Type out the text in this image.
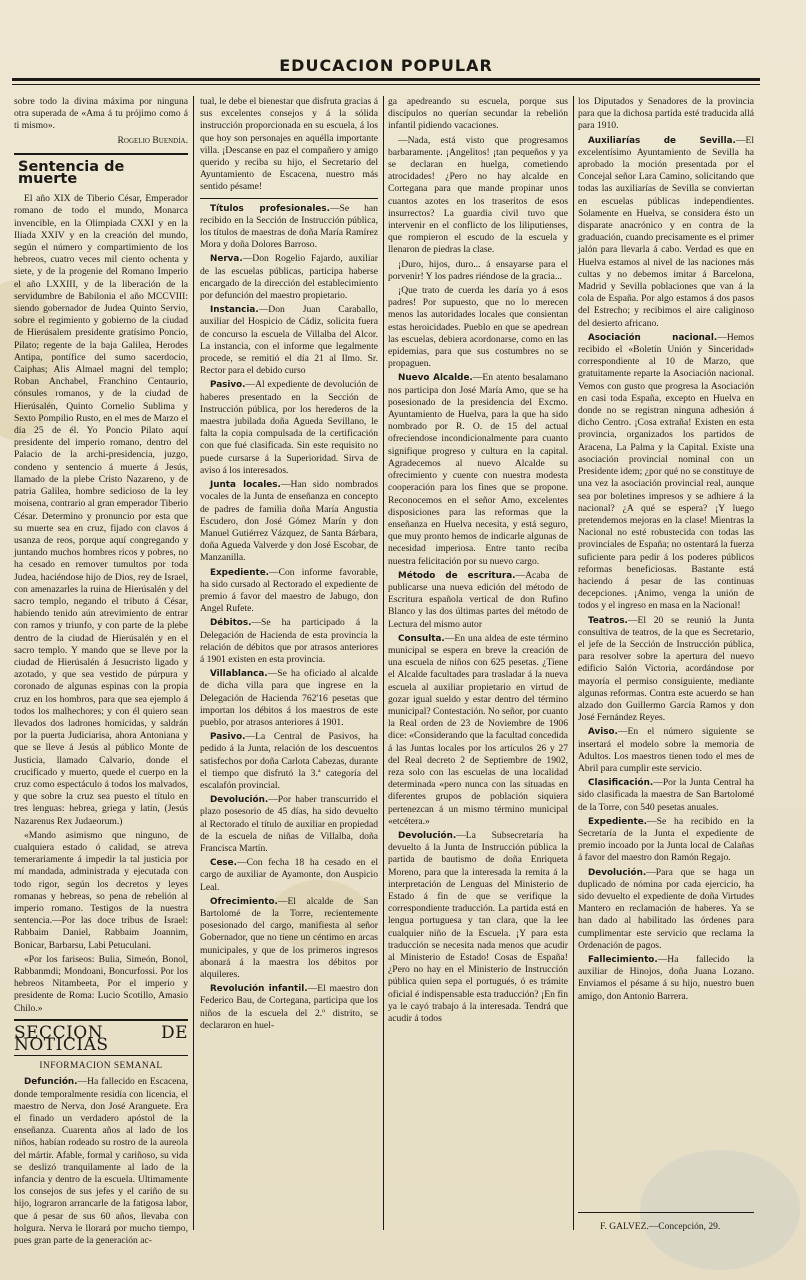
EDUCACION POPULAR

sobre todo la divina máxima por ninguna otra superada de «Ama á tu prójimo como á ti mismo».

Rogelio Buendía.
Sentencia de muerte

El año XIX de Tiberio César, Emperador romano de todo el mundo, Monarca invencible, en la Olimpiada CXXI y en la Iliada XXIV y en la creación del mundo, según el número y compartimiento de los hebreos, cuatro veces mil ciento ochenta y siete, y de la progenie del Romano Imperio el año LXXIII, y de la liberación de la servidumbre de Babilonia el año MCCVIII: siendo gobernador de Judea Quinto Servio, sobre el regimiento y gobierno de la ciudad de Hierúsalem presidente gratísimo Poncio, Pilato; regente de la baja Galilea, Herodes Antipa, pontífice del sumo sacerdocio, Caiphas; Alis Almael magni del templo; Roban Anchabel, Franchino Centaurio, cónsules romanos, y de la ciudad de Hierúsalén, Quinto Cornelio Sublima y Sexto Pompilio Rusto, en el mes de Marzo el día 25 de él. Yo Poncio Pilato aquí presidente del imperio romano, dentro del Palacio de la archi-presidencia, juzgo, condeno y sentencio á muerte á Jesús, llamado de la plebe Cristo Nazareno, y de patria Galilea, hombre sedicioso de la ley moisena, contrario al gran emperador Tiberio César. Determino y pronuncio por esta que su muerte sea en cruz, fijado con clavos á usanza de reos, porque aquí congregando y juntando muchos hombres ricos y pobres, no ha cesado en remover tumultos por toda Judea, haciéndose hijo de Dios, rey de Israel, con amenazarles la ruina de Hierúsalén y del sacro templo, negando el tributo á César, habiendo tenido aún atrevimiento de entrar con ramos y triunfo, y con parte de la plebe dentro de la ciudad de Hierúsalén y en el sacro templo. Y mando que se lleve por la ciudad de Hierúsalén á Jesucristo ligado y azotado, y que sea vestido de púrpura y coronado de algunas espinas con la propia cruz en los hombros, para que sea ejemplo á todos los malhechores; y con él quiero sean llevados dos ladrones homicidas, y saldrán por la puerta Judiciarisa, ahora Antoniana y que se lleve á Jesús al público Monte de Justicia, llamado Calvario, donde el crucificado y muerto, quede el cuerpo en la cruz como espectáculo á todos los malvados, y que sobre la cruz sea puesto el título en tres lenguas: hebrea, griega y latín, (Jesús Nazarenus Rex Judaeorum.)

«Mando asimismo que ninguno, de cualquiera estado ó calidad, se atreva temerariamente á impedir la tal justicia por mí mandada, administrada y ejecutada con todo rigor, según los decretos y leyes romanas y hebreas, so pena de rebelión al imperio romano. Testigos de la nuestra sentencia.—Por las doce tribus de Israel: Rabbaim Daniel, Rabbaim Joannim, Bonicar, Barbarsu, Labi Petuculani.

«Por los fariseos: Bulia, Simeón, Bonol, Rabbanmdi; Mondoani, Boncurfossi. Por los hebreos Nitambeeta, Por el imperio y presidente de Roma: Lucio Scotillo, Amasio Chilo.»

SECCION DE NOTICIAS
INFORMACION SEMANAL

Defunción.—Ha fallecido en Escacena, donde temporalmente residía con licencia, el maestro de Nerva, don José Aranguete. Era el finado un verdadero apóstol de la enseñanza. Cuarenta años al lado de los niños, habían rodeado su rostro de la aureola del mártir. Afable, formal y cariñoso, su vida se deslizó tranquilamente al lado de la infancia y dentro de la escuela. Ultimamente los consejos de sus jefes y el cariño de su hijo, lograron arrancarle de la fatigosa labor, que á pesar de sus 60 años, llevaba con holgura. Nerva le llorará por mucho tiempo, pues gran parte de la generación ac-

tual, le debe el bienestar que disfruta gracias á sus excelentes consejos y á la sólida instrucción proporcionada en su escuela, á los que hoy son personajes en aquélla importante villa. ¡Descanse en paz el compañero y amigo querido y reciba su hijo, el Secretario del Ayuntamiento de Escacena, nuestro más sentido pésame!

Títulos profesionales.—Se han recibido en la Sección de Instrucción pública, los títulos de maestras de doña María Ramírez Mora y doña Dolores Barroso.

Nerva.—Don Rogelio Fajardo, auxiliar de las escuelas públicas, participa haberse encargado de la dirección del establecimiento por defunción del maestro propietario.

Instancia.—Don Juan Caraballo, auxiliar del Hospicio de Cádiz, solicita fuera de concurso la escuela de Villalba del Alcor. La instancia, con el informe que legalmente procede, se remitió el día 21 al Ilmo. Sr. Rector para el debido curso

Pasivo.—Al expediente de devolución de haberes presentado en la Sección de Instrucción pública, por los herederos de la maestra jubilada doña Agueda Sevillano, le falta la copia compulsada de la certificación con que fué clasificada. Sin este requisito no puede cursarse á la Superioridad. Sirva de aviso á los interesados.

Junta locales.—Han sido nombrados vocales de la Junta de enseñanza en concepto de padres de familia doña María Angustia Escudero, don José Gómez Marín y don Manuel Gutiérrez Vázquez, de Santa Bárbara, doña Agueda Valverde y don José Escobar, de Manzanilla.

Expediente.—Con informe favorable, ha sido cursado al Rectorado el expediente de premio á favor del maestro de Jabugo, don Angel Rufete.

Débitos.—Se ha participado á la Delegación de Hacienda de esta provincia la relación de débitos que por atrasos anteriores á 1901 existen en esta provincia.

Villablanca.—Se ha oficiado al alcalde de dicha villa para que ingrese en la Delegación de Hacienda 762'16 pesetas que importan los débitos á los maestros de este pueblo, por atrasos anteriores á 1901.

Pasivo.—La Central de Pasivos, ha pedido á la Junta, relación de los descuentos satisfechos por doña Carlota Cabezas, durante el tiempo que disfrutó la 3.ª categoría del escalafón provincial.

Devolución.—Por haber transcurrido el plazo posesorio de 45 días, ha sido devuelto al Rectorado el título de auxiliar en propiedad de la escuela de niñas de Villalba, doña Francisca Martín.

Cese.—Con fecha 18 ha cesado en el cargo de auxiliar de Ayamonte, don Auspicio Leal.

Ofrecimiento.—El alcalde de San Bartolomé de la Torre, recientemente posesionado del cargo, manifiesta al señor Gobernador, que no tiene un céntimo en arcas municipales, y que de los primeros ingresos abonará á la maestra los débitos por alquileres.

Revolución infantil.—El maestro don Federico Bau, de Cortegana, participa que los niños de la escuela del 2.º distrito, se declararon en huel-

ga apedreando su escuela, porque sus discípulos no querían secundar la rebelión infantil pidiendo vacaciones.

—Nada, está visto que progresamos barbaramente. ¡Angelitos! ¡tan pequeños y ya se declaran en huelga, cometiendo atrocidades! ¿Pero no hay alcalde en Cortegana para que mande propinar unos cuantos azotes en los traseritos de esos insurrectos? La guardia civil tuvo que intervenir en el conflicto de los liliputienses, que rompieron el escudo de la escuela y llenaron de piedras la clase.

¡Duro, hijos, duro... á ensayarse para el porvenir! Y los padres riéndose de la gracia...

¡Que trato de cuerda les daría yo á esos padres! Por supuesto, que no lo merecen menos las autoridades locales que consientan estas heroicidades. Pueblo en que se apedrean las escuelas, debiera acordonarse, como en las epidemias, para que sus costumbres no se propaguen.

Nuevo Alcalde.—En atento besalamano nos participa don José María Amo, que se ha posesionado de la presidencia del Excmo. Ayuntamiento de Huelva, para la que ha sido nombrado por R. O. de 15 del actual ofreciendose incondicionalmente para cuanto signifique progreso y cultura en la capital. Agradecemos al nuevo Alcalde su ofrecimiento y cuente con nuestra modesta cooperación para los fines que se propone. Reconocemos en el señor Amo, excelentes disposiciones para las reformas que la enseñanza en Huelva necesita, y está seguro, que muy pronto hemos de indicarle algunas de necesidad imperiosa. Entre tanto reciba nuestra felicitación por su nuevo cargo.

Método de escritura.—Acaba de publicarse una nueva edición del método de Escritura española vertical de don Rufino Blanco y las dos últimas partes del método de Lectura del mismo autor

Consulta.—En una aldea de este término municipal se espera en breve la creación de una escuela de niños con 625 pesetas. ¿Tiene el Alcalde facultades para trasladar á la nueva escuela al auxiliar propietario en virtud de gozar igual sueldo y estar dentro del término municipal? Contestación. No señor, por cuanto la Real orden de 23 de Noviembre de 1906 dice: «Considerando que la facultad concedida á las Juntas locales por los artículos 26 y 27 del Real decreto 2 de Septiembre de 1902, reza solo con las escuelas de una localidad determinada «pero nunca con las situadas en diferentes grupos de población siquiera pertenezcan á un mismo término municipal «etcétera.»

Devolución.—La Subsecretaría ha devuelto á la Junta de Instrucción pública la partida de bautismo de doña Enriqueta Moreno, para que la interesada la remita á la interpretación de Lenguas del Ministerio de Estado á fin de que se verifique la correspondiente traducción. La partida está en lengua portuguesa y tan clara, que la lee cualquier niño de la Escuela. ¡Y para esta traducción se necesita nada menos que acudir al Ministerio de Estado! Cosas de España! ¿Pero no hay en el Ministerio de Instrucción pública quien sepa el portugués, ó es trámite oficial é indispensable esta traducción? ¡En fin ya le cayó trabajo á la interesada. Tendrá que acudir á todos

los Diputados y Senadores de la provincia para que la dichosa partida esté traducida allá para 1910.

Auxiliarías de Sevilla.—El excelentísimo Ayuntamiento de Sevilla ha aprobado la moción presentada por el Concejal señor Lara Camino, solicitando que todas las auxiliarías de Sevilla se conviertan en escuelas públicas independientes. Solamente en Huelva, se considera ésto un disparate anacrónico y en contra de la graduación, cuando precisamente es el primer jalón para llevarla á cabo. Verdad es que en Huelva estamos al nivel de las naciones más cultas y no debemos imitar á Barcelona, Madrid y Sevilla poblaciones que van á la cola de España. Por algo estamos á dos pasos del Estrecho; y recibimos el aire caliginoso del desierto africano.

Asociación nacional.—Hemos recibido el «Boletín Unión y Sinceridad» correspondiente al 10 de Marzo, que gratuitamente reparte la Asociación nacional. Vemos con gusto que progresa la Asociación en casi toda España, excepto en Huelva en donde no se registran ninguna adhesión á dicho Centro. ¡Cosa extraña! Existen en esta provincia, organizados los partidos de Aracena, La Palma y la Capital. Existe una asociación provincial nominal con un Presidente idem; ¿por qué no se constituye de una vez la asociación provincial real, aunque sea por boletines impresos y se adhiere á la nacional? ¿A qué se espera? ¡Y luego pretendemos mejoras en la clase! Mientras la Nacional no esté robustecida con todas las provinciales de España; no ostentará la fuerza suficiente para pedir á los poderes públicos reformas beneficiosas. Bastante está haciendo á pesar de las continuas decepciones. ¡Animo, venga la unión de todos y el ingreso en masa en la Nacional!

Teatros.—El 20 se reunió la Junta consultiva de teatros, de la que es Secretario, el jefe de la Sección de Instrucción pública, para resolver sobre la apertura del nuevo edificio Salón Victoria, acordándose por mayoría el permiso consiguiente, mediante algunas reformas. Contra este acuerdo se han alzado don Guillermo García Ramos y don José Fernández Reyes.

Aviso.—En el número siguiente se insertará el modelo sobre la memoria de Adultos. Los maestros tienen todo el mes de Abril para cumplir este servicio.

Clasificación.—Por la Junta Central ha sido clasificada la maestra de San Bartolomé de la Torre, con 540 pesetas anuales.

Expediente.—Se ha recibido en la Secretaría de la Junta el expediente de premio incoado por la Junta local de Calañas á favor del maestro don Ramón Regajo.

Devolución.—Para que se haga un duplicado de nómina por cada ejercicio, ha sido devuelto el expediente de doña Virtudes Mantero en reclamación de haberes. Ya se han dado al habilitado las órdenes para cumplimentar este servicio que reclama la Ordenación de pagos.

Fallecimiento.—Ha fallecido la auxiliar de Hinojos, doña Juana Lozano. Enviamos el pésame á su hijo, nuestro buen amigo, don Antonio Barrera.

F. GALVEZ.—Concepción, 29.
